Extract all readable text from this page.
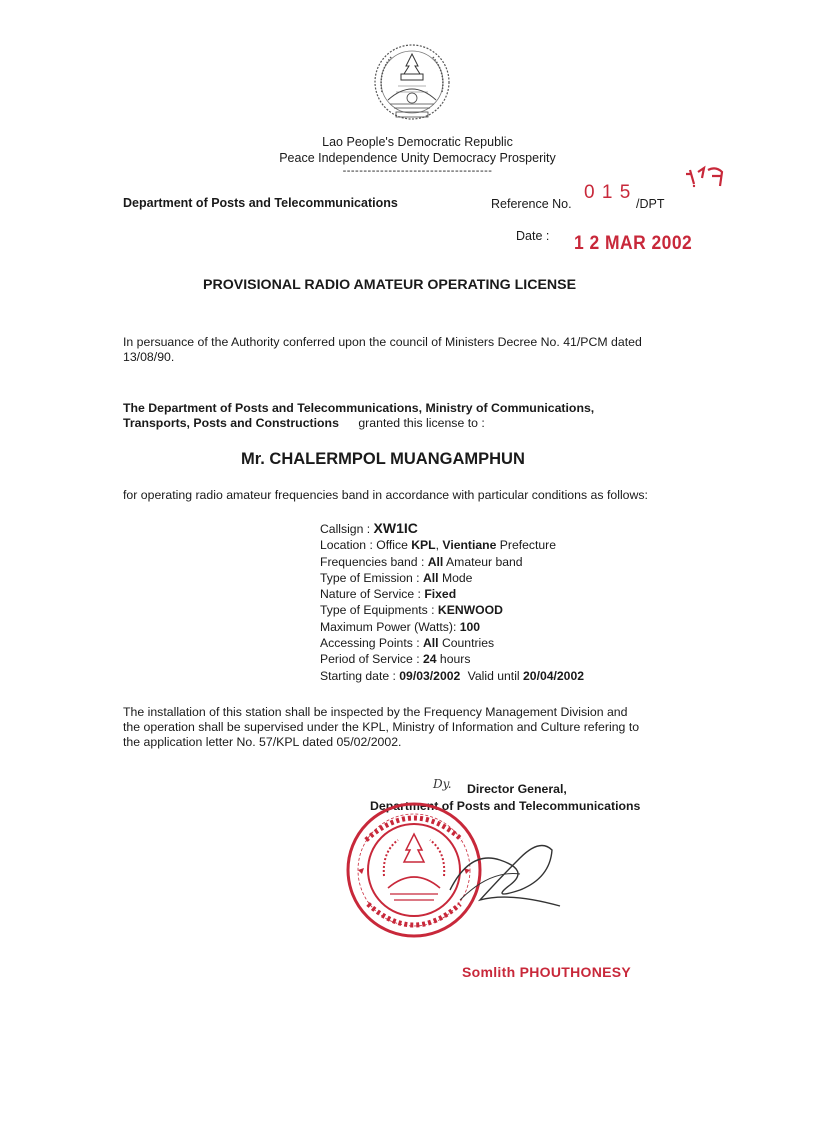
Lao People's Democratic Republic
Peace Independence Unity Democracy Prosperity
------------------------------------
Department of Posts and Telecommunications	Reference No.
0 1 5
/DPT
Date : 1 2 MAR 2002
PROVISIONAL RADIO AMATEUR OPERATING LICENSE
In persuance of the Authority conferred upon the council of Ministers Decree No. 41/PCM dated
13/08/90.
The Department of Posts and Telecommunications, Ministry of Communications,
Transports, Posts and Constructions granted this license to :
Mr. CHALERMPOL MUANGAMPHUN
for operating radio amateur frequencies band in accordance with particular conditions as follows:
Callsign : XW1IC
Location : Office KPL, Vientiane Prefecture
Frequencies band : All Amateur band
Type of Emission : All Mode
Nature of Service : Fixed
Type of Equipments : KENWOOD
Maximum Power (Watts): 100
Accessing Points : All Countries
Period of Service : 24 hours
Starting date : 09/03/2002 Valid until 20/04/2002
The installation of this station shall be inspected by the Frequency Management Division and
the operation shall be supervised under the KPL, Ministry of Information and Culture refering to
the application letter No. 57/KPL dated 05/02/2002.
Dy. Director General,
Department of Posts and Telecommunications
Somlith PHOUTHONESY
